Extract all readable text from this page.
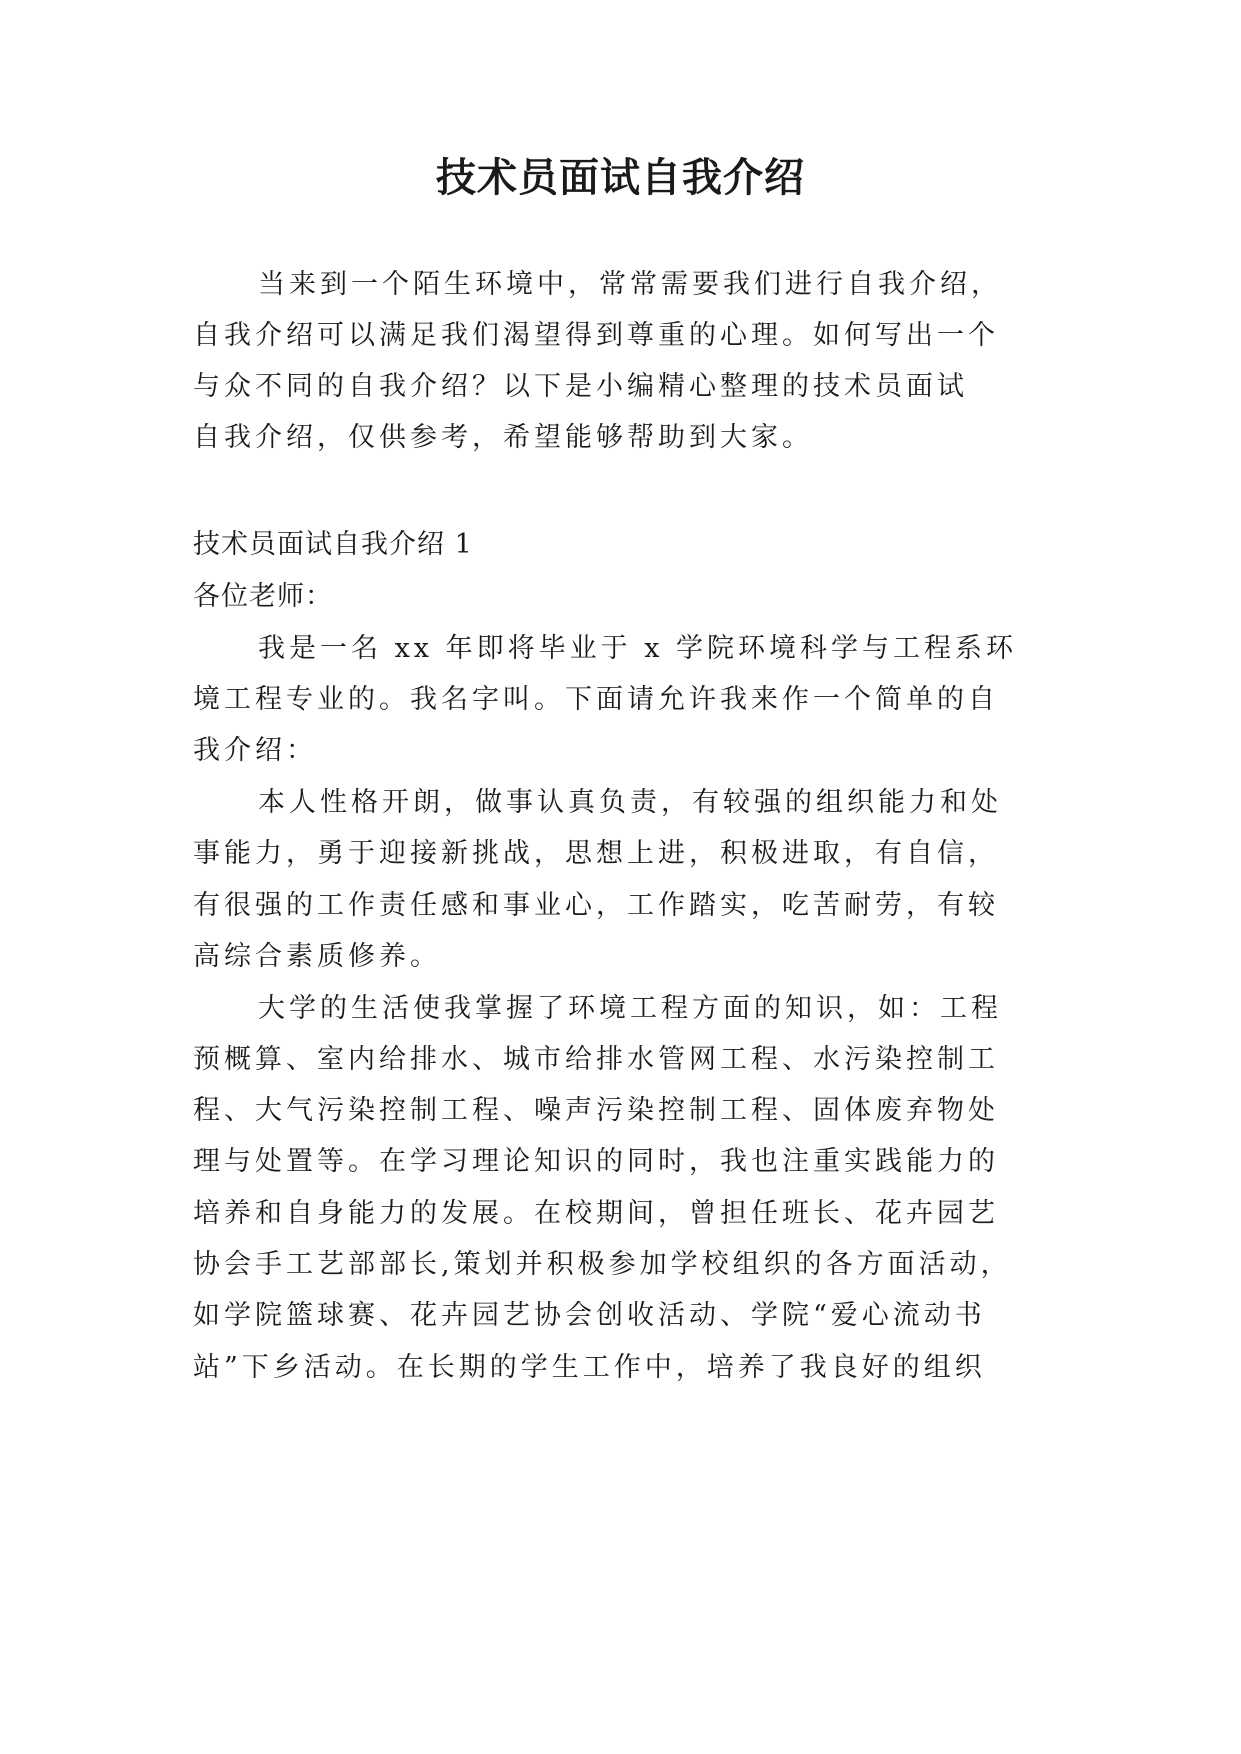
技术员面试自我介绍
当来到一个陌生环境中，常常需要我们进行自我介绍，
自我介绍可以满足我们渴望得到尊重的心理。如何写出一个
与众不同的自我介绍？以下是小编精心整理的技术员面试
自我介绍，仅供参考，希望能够帮助到大家。
技术员面试自我介绍 1
各位老师：
我是一名 xx 年即将毕业于 x 学院环境科学与工程系环
境工程专业的。我名字叫。下面请允许我来作一个简单的自
我介绍：
本人性格开朗，做事认真负责，有较强的组织能力和处
事能力，勇于迎接新挑战，思想上进，积极进取，有自信，
有很强的工作责任感和事业心，工作踏实，吃苦耐劳，有较
高综合素质修养。
大学的生活使我掌握了环境工程方面的知识，如：工程
预概算、室内给排水、城市给排水管网工程、水污染控制工
程、大气污染控制工程、噪声污染控制工程、固体废弃物处
理与处置等。在学习理论知识的同时，我也注重实践能力的
培养和自身能力的发展。在校期间，曾担任班长、花卉园艺
协会手工艺部部长,策划并积极参加学校组织的各方面活动，
如学院篮球赛、花卉园艺协会创收活动、学院“爱心流动书
站”下乡活动。在长期的学生工作中，培养了我良好的组织
